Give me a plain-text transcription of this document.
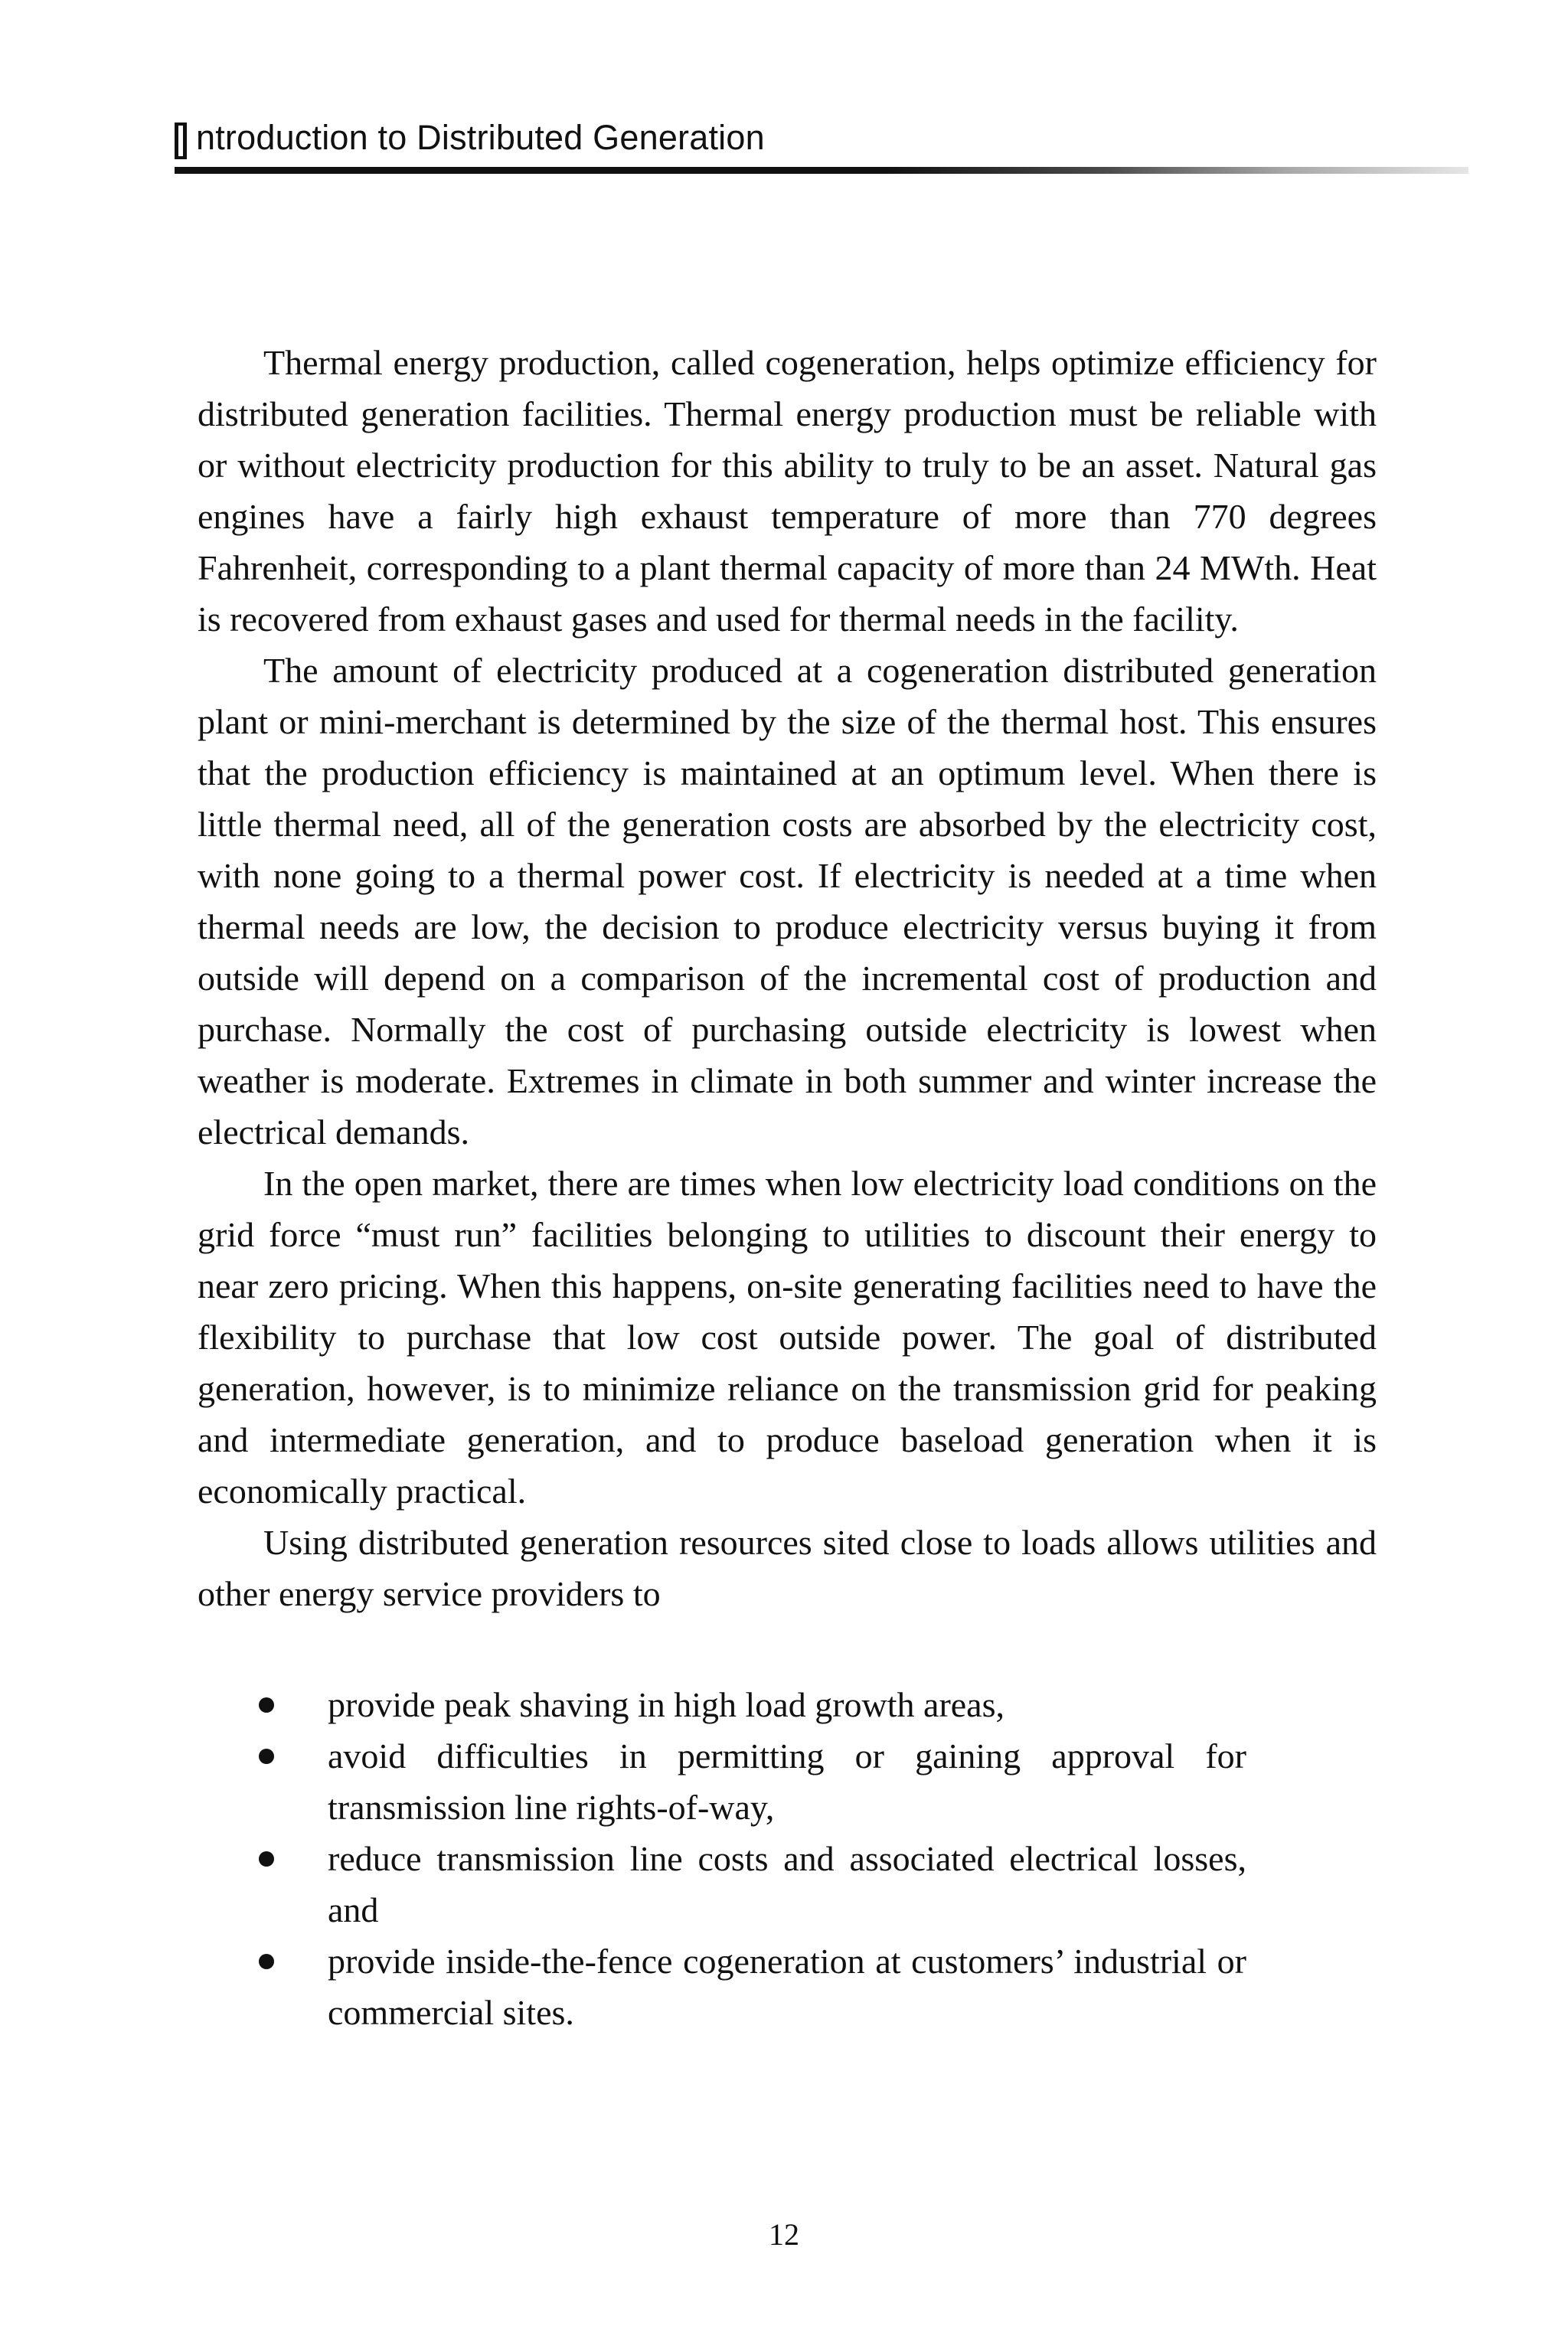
ntroduction to Distributed Generation

Thermal energy production, called cogeneration, helps optimize efficiency for distributed generation facilities. Thermal energy production must be reliable with or without electricity production for this ability to truly to be an asset. Natural gas engines have a fairly high exhaust temperature of more than 770 degrees Fahrenheit, corresponding to a plant thermal capacity of more than 24 MWth. Heat is recovered from exhaust gases and used for thermal needs in the facility.

The amount of electricity produced at a cogeneration distributed generation plant or mini-merchant is determined by the size of the thermal host. This ensures that the production efficiency is maintained at an optimum level. When there is little thermal need, all of the generation costs are absorbed by the electricity cost, with none going to a thermal power cost. If electricity is needed at a time when thermal needs are low, the decision to produce electricity versus buying it from outside will depend on a comparison of the incremental cost of production and purchase. Normally the cost of purchasing outside electricity is lowest when weather is moderate. Extremes in climate in both summer and winter increase the electrical demands.

In the open market, there are times when low electricity load conditions on the grid force “must run” facilities belonging to utilities to discount their energy to near zero pricing. When this happens, on-site generating facilities need to have the flexibility to purchase that low cost outside power. The goal of distributed generation, however, is to minimize reliance on the transmission grid for peaking and intermediate generation, and to produce baseload generation when it is economically practical.

Using distributed generation resources sited close to loads allows utilities and other energy service providers to

provide peak shaving in high load growth areas,
avoid difficulties in permitting or gaining approval for transmission line rights-of-way,
reduce transmission line costs and associated electrical losses, and
provide inside-the-fence cogeneration at customers’ industrial or commercial sites.
12
